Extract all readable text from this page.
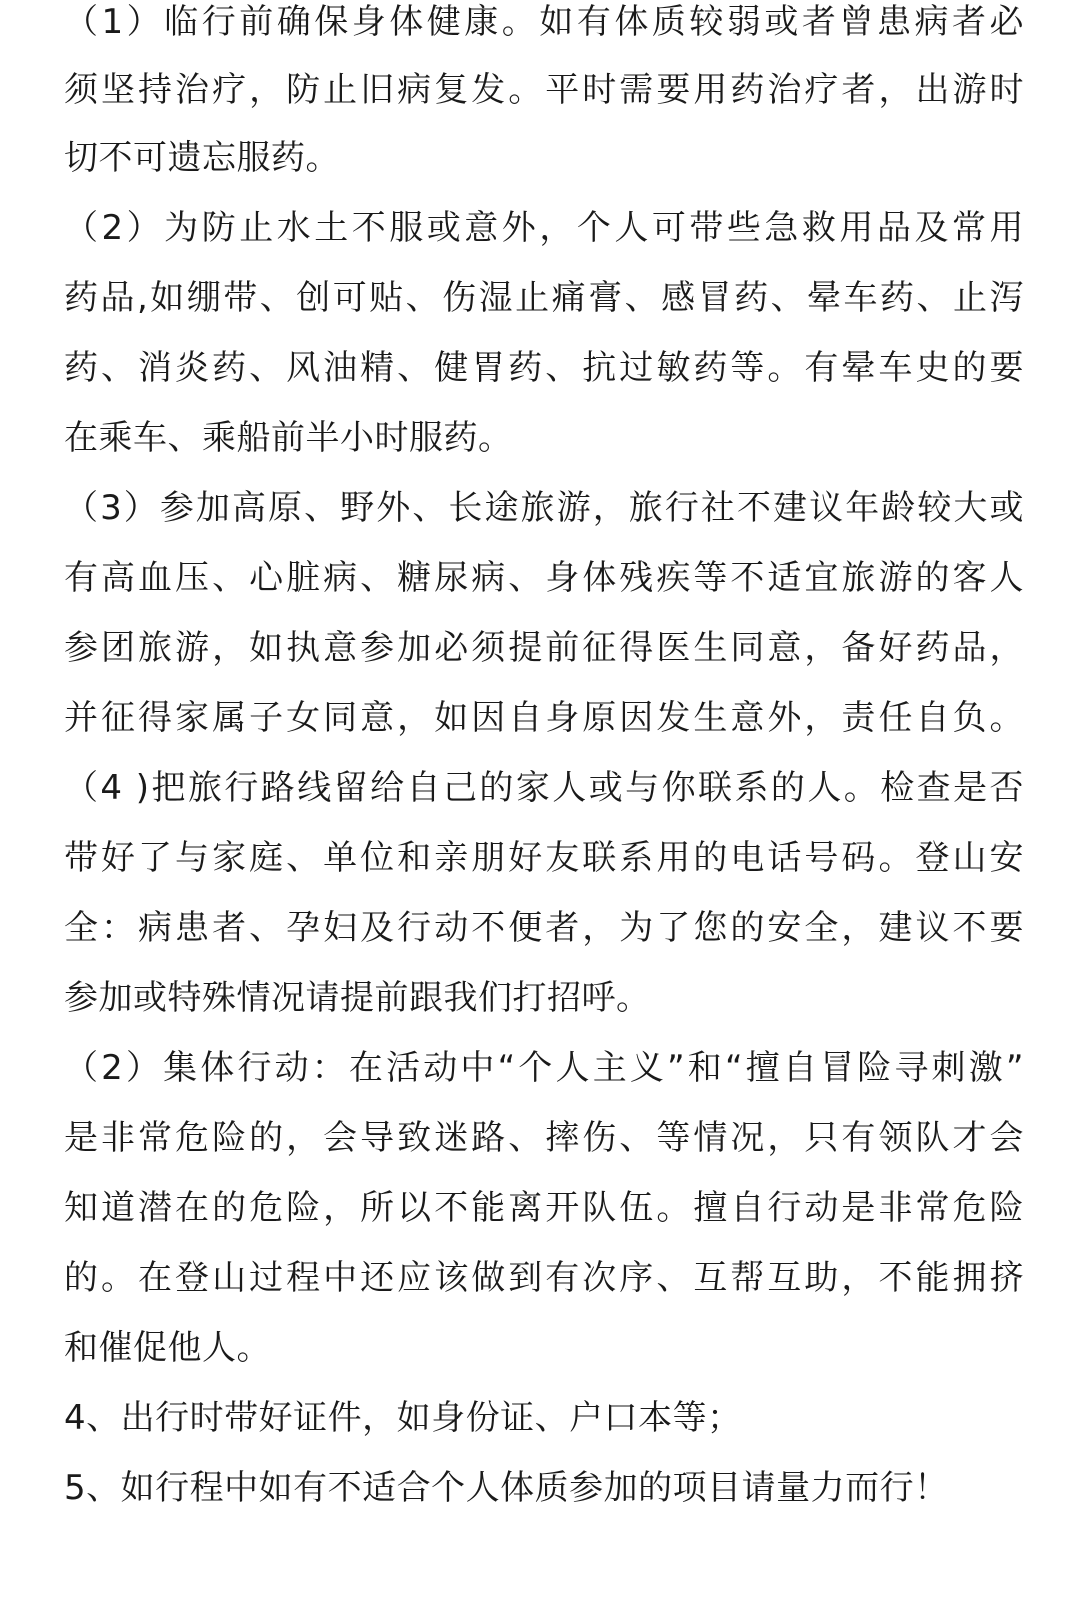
（1）临行前确保身体健康。如有体质较弱或者曾患病者必
须坚持治疗，防止旧病复发。平时需要用药治疗者，出游时
切不可遗忘服药。
（2）为防止水土不服或意外，个人可带些急救用品及常用
药品,如绷带、创可贴、伤湿止痛膏、感冒药、晕车药、止泻
药、消炎药、风油精、健胃药、抗过敏药等。有晕车史的要
在乘车、乘船前半小时服药。
（3）参加高原、野外、长途旅游，旅行社不建议年龄较大或
有高血压、心脏病、糖尿病、身体残疾等不适宜旅游的客人
参团旅游，如执意参加必须提前征得医生同意，备好药品，
并征得家属子女同意，如因自身原因发生意外，责任自负。
（4 )把旅行路线留给自己的家人或与你联系的人。检查是否
带好了与家庭、单位和亲朋好友联系用的电话号码。登山安
全：病患者、孕妇及行动不便者，为了您的安全，建议不要
参加或特殊情况请提前跟我们打招呼。
（2）集体行动：在活动中“个人主义”和“擅自冒险寻刺激”
是非常危险的，会导致迷路、摔伤、等情况，只有领队才会
知道潜在的危险，所以不能离开队伍。擅自行动是非常危险
的。在登山过程中还应该做到有次序、互帮互助，不能拥挤
和催促他人。
4、出行时带好证件，如身份证、户口本等；
5、如行程中如有不适合个人体质参加的项目请量力而行！
